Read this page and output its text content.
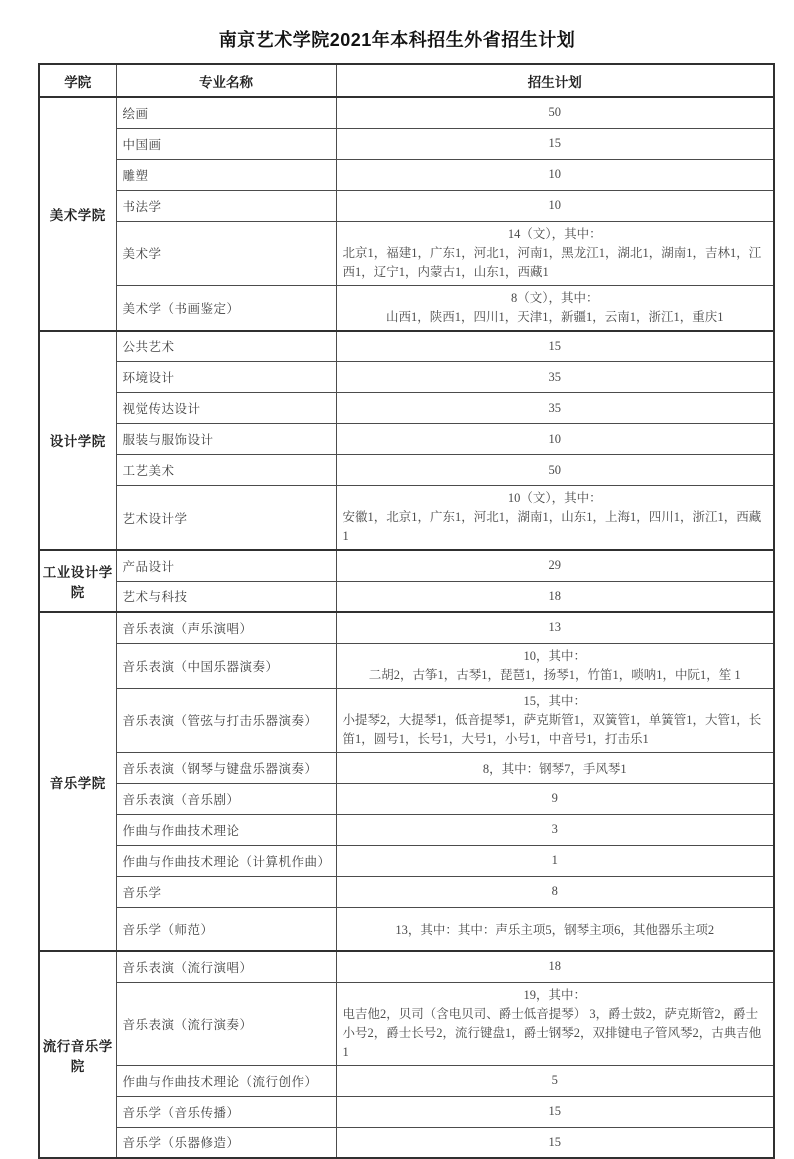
南京艺术学院2021年本科招生外省招生计划
学院	专业名称	招生计划
美术学院	绘画	50
	中国画	15
	雕塑	10
	书法学	10
	美术学	14（文），其中：
北京1，福建1，广东1，河北1，河南1，黑龙江1，湖北1，湖南1，吉林1，江西1，辽宁1，内蒙古1，山东1，西藏1

	美术学（书画鉴定）	8（文），其中：
山西1，陕西1，四川1，天津1，新疆1，云南1，浙江1，重庆1

设计学院	公共艺术	15
	环境设计	35
	视觉传达设计	35
	服装与服饰设计	10
	工艺美术	50
	艺术设计学	10（文），其中：
安徽1，北京1，广东1，河北1，湖南1，山东1，上海1，四川1，浙江1，西藏1

工业设计学院	产品设计	29
	艺术与科技	18
音乐学院	音乐表演（声乐演唱）	13
	音乐表演（中国乐器演奏）	10，其中：
二胡2，古筝1，古琴1，琵琶1，扬琴1，竹笛1，唢呐1，中阮1，笙 1

	音乐表演（管弦与打击乐器演奏）	15，其中：
小提琴2，大提琴1，低音提琴1，萨克斯管1，双簧管1，单簧管1，大管1，长笛1，圆号1，长号1，大号1，小号1，中音号1，打击乐1

	音乐表演（钢琴与键盘乐器演奏）	8，其中：钢琴7，手风琴1
	音乐表演（音乐剧）	9
	作曲与作曲技术理论	3
	作曲与作曲技术理论（计算机作曲）	1
	音乐学	8
	音乐学（师范）	13，其中：其中：声乐主项5，钢琴主项6，其他器乐主项2
流行音乐学院	音乐表演（流行演唱）	18
	音乐表演（流行演奏）	19，其中：
电吉他2，贝司（含电贝司、爵士低音提琴） 3，爵士鼓2，萨克斯管2，爵士小号2，爵士长号2，流行键盘1，爵士钢琴2，双排键电子管风琴2，古典吉他1

	作曲与作曲技术理论（流行创作）	5
	音乐学（音乐传播）	15
	音乐学（乐器修造）	15
